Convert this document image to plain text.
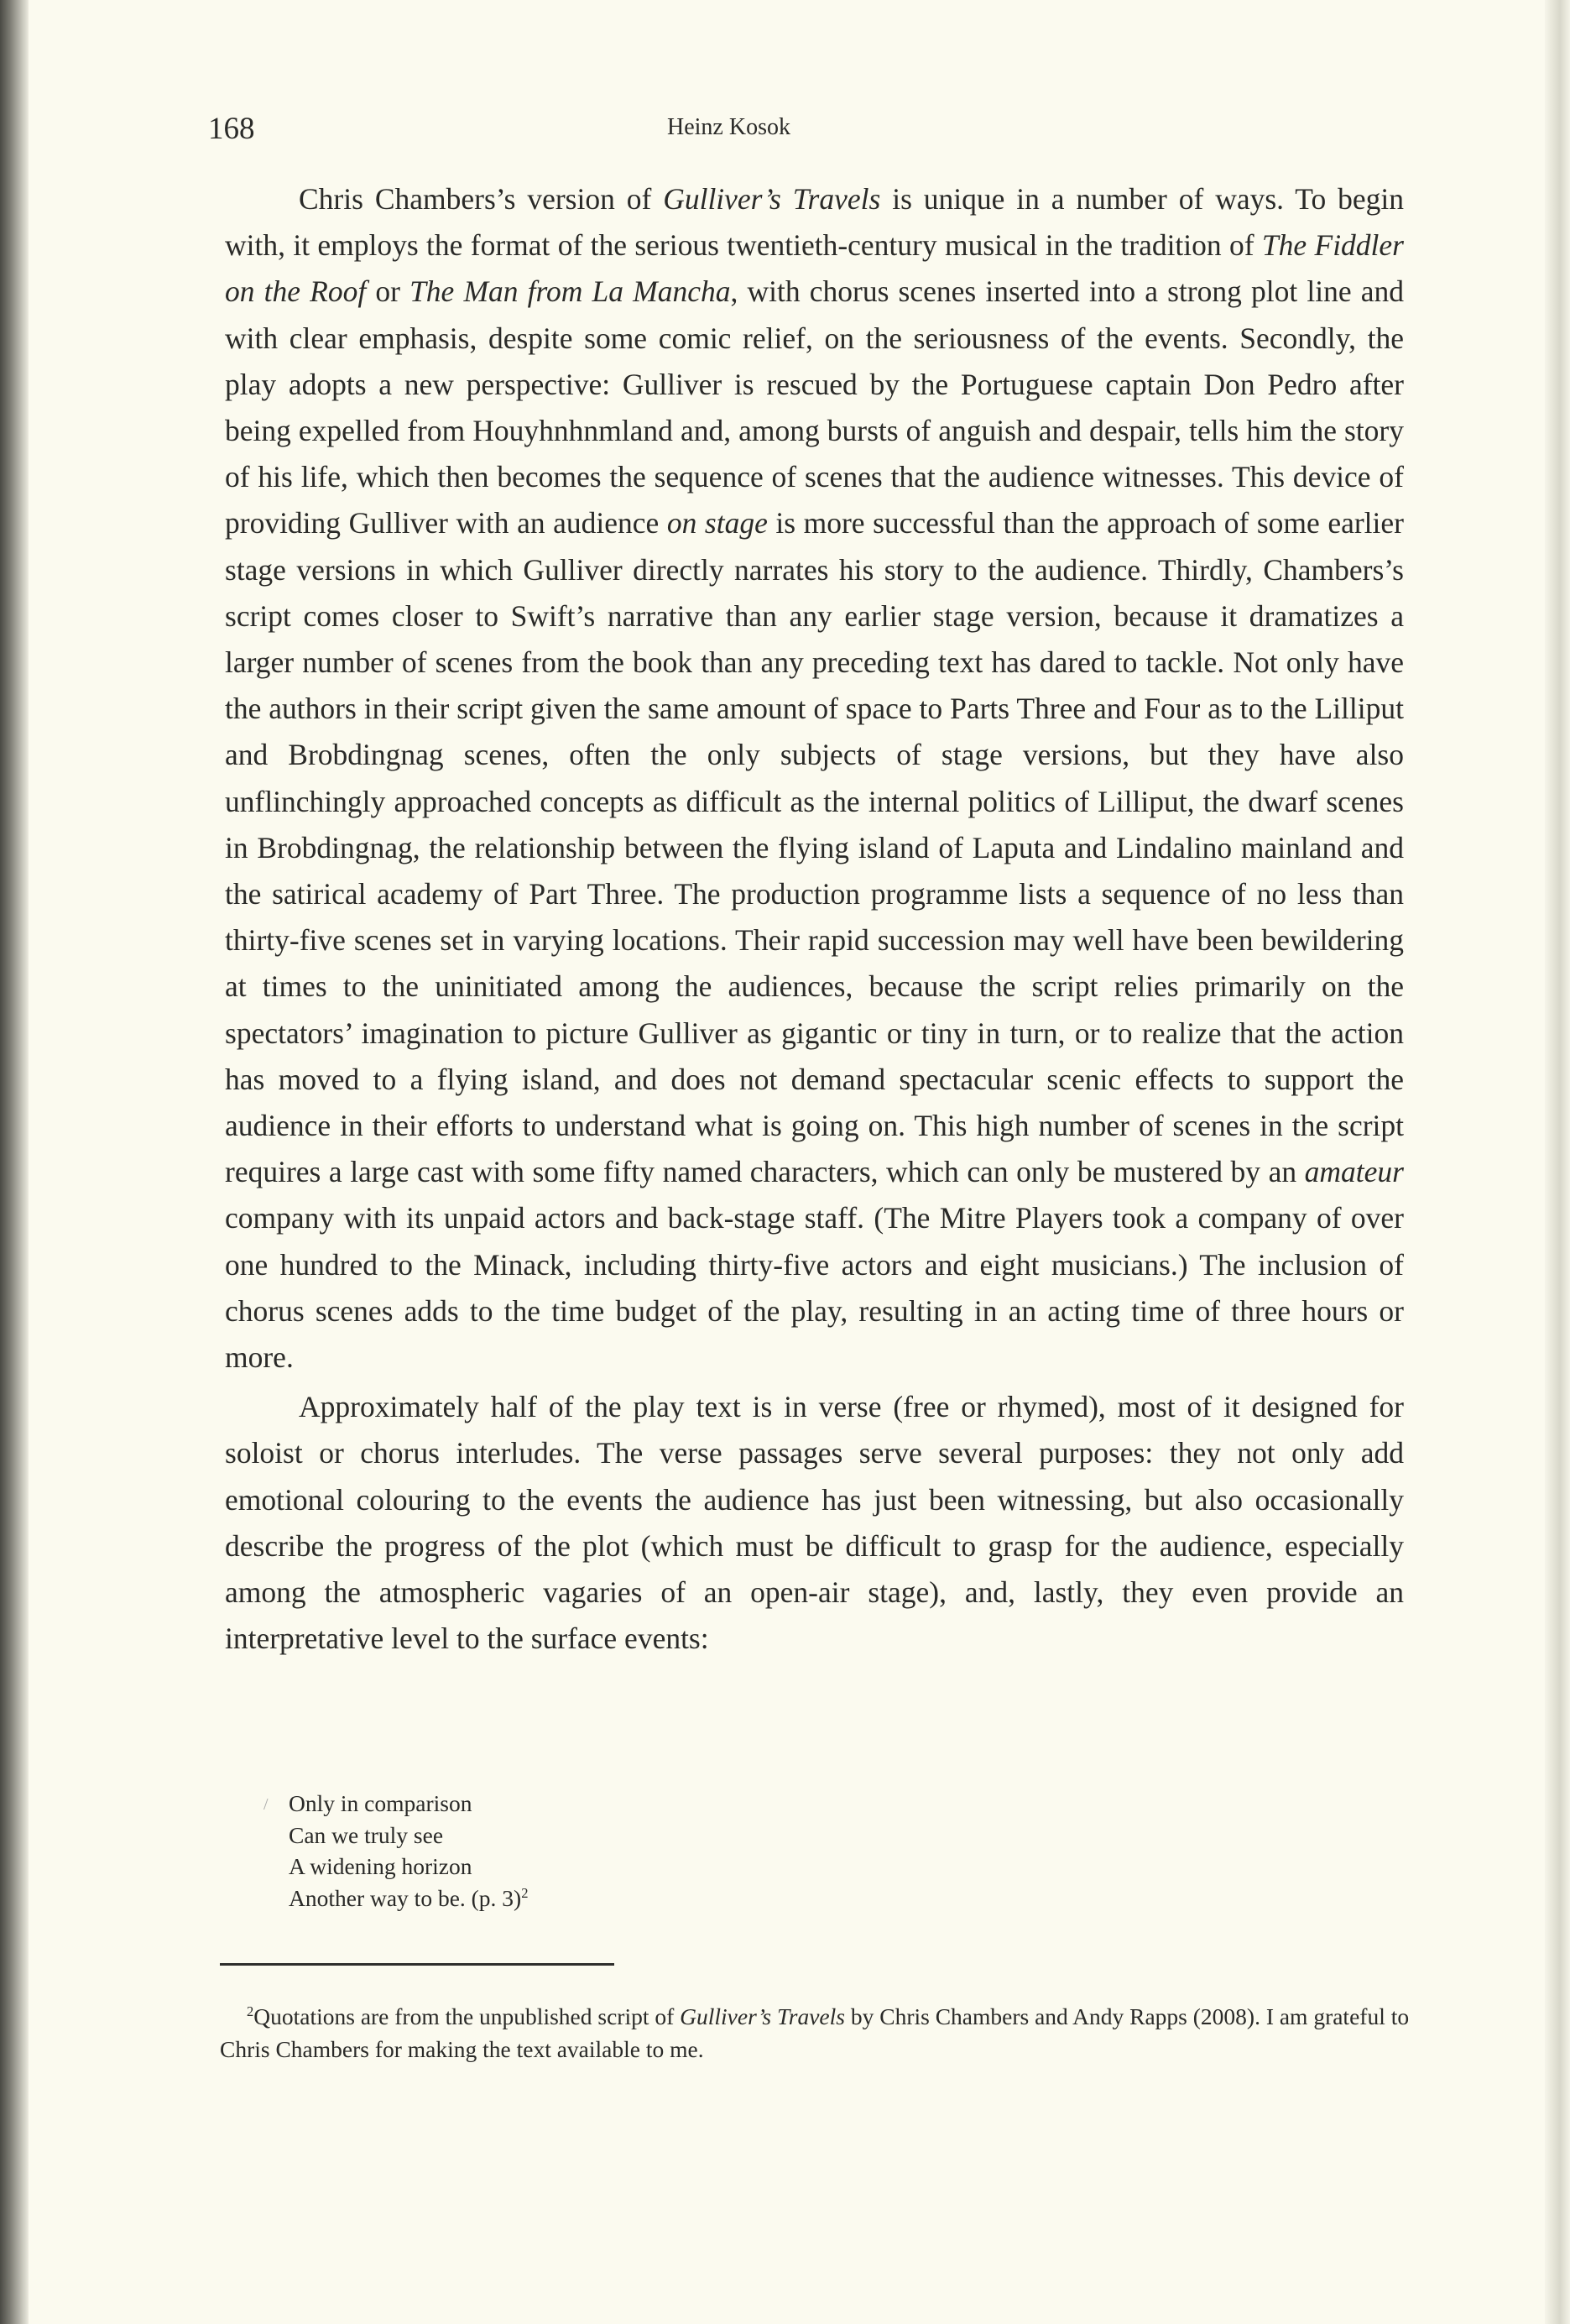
168	Heinz Kosok

Chris Chambers’s version of Gulliver’s Travels is unique in a number of ways. To begin with, it employs the format of the serious twentieth-century musical in the tradition of The Fiddler on the Roof or The Man from La Mancha, with chorus scenes inserted into a strong plot line and with clear emphasis, despite some comic relief, on the seriousness of the events. Secondly, the play adopts a new perspective: Gulliver is rescued by the Portuguese captain Don Pedro after being expelled from Houyhnhnmland and, among bursts of anguish and despair, tells him the story of his life, which then becomes the sequence of scenes that the audience witnesses. This device of providing Gulliver with an audience on stage is more successful than the approach of some earlier stage versions in which Gulliver directly narrates his story to the audience. Thirdly, Chambers’s script comes closer to Swift’s narrative than any earlier stage version, because it dramatizes a larger number of scenes from the book than any preceding text has dared to tackle. Not only have the authors in their script given the same amount of space to Parts Three and Four as to the Lilliput and Brobdingnag scenes, often the only subjects of stage versions, but they have also unflinchingly approached concepts as difficult as the internal politics of Lilliput, the dwarf scenes in Brobdingnag, the relationship between the flying island of Laputa and Lindalino mainland and the satirical academy of Part Three. The production programme lists a sequence of no less than thirty-five scenes set in varying locations. Their rapid succession may well have been bewildering at times to the uninitiated among the audiences, because the script relies primarily on the spectators’ imagination to picture Gulliver as gigantic or tiny in turn, or to realize that the action has moved to a flying island, and does not demand spectacular scenic effects to support the audience in their efforts to understand what is going on. This high number of scenes in the script requires a large cast with some fifty named characters, which can only be mustered by an amateur company with its unpaid actors and back-stage staff. (The Mitre Players took a company of over one hundred to the Minack, including thirty-five actors and eight musicians.) The inclusion of chorus scenes adds to the time budget of the play, resulting in an acting time of three hours or more.

Approximately half of the play text is in verse (free or rhymed), most of it designed for soloist or chorus interludes. The verse passages serve several purposes: they not only add emotional colouring to the events the audience has just been witnessing, but also occasionally describe the progress of the plot (which must be difficult to grasp for the audience, especially among the atmospheric vagaries of an open-air stage), and, lastly, they even provide an interpretative level to the surface events:

/ Only in comparison
Can we truly see
A widening horizon
Another way to be. (p. 3)$^2$

$^2$Quotations are from the unpublished script of Gulliver’s Travels by Chris Chambers and Andy Rapps (2008). I am grateful to Chris Chambers for making the text available to me.
